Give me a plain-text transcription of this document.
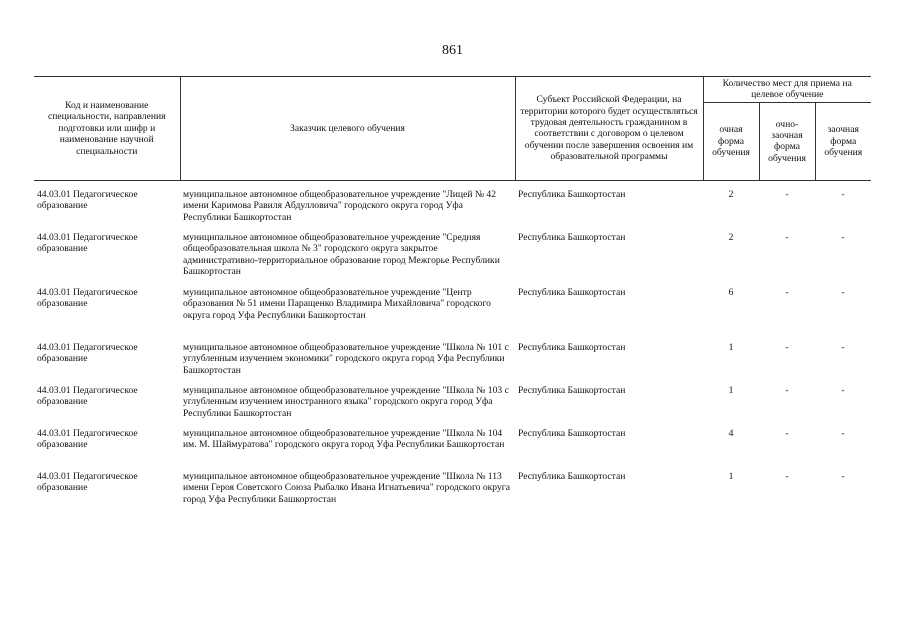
861
Код и наименование специальности, направления подготовки или шифр и наименование научной специальности	Заказчик целевого обучения	Субъект Российской Федерации, на территории которого будет осуществляться трудовая деятельность гражданином в соответствии с договором о целевом обучении после завершения освоения им образовательной программы	Количество мест для приема на целевое обучение		
			очная форма обучения	очно-заочная форма обучения	заочная форма обучения

44.03.01 Педагогическое образование	муниципальное автономное общеобразовательное учреждение "Лицей № 42 имени Каримова Равиля Абдулловича" городского округа город Уфа Республики Башкортостан	Республика Башкортостан	2	-	-
44.03.01 Педагогическое образование	муниципальное автономное общеобразовательное учреждение "Средняя общеобразовательная школа № 3" городского округа закрытое административно-территориальное образование город Межгорье Республики Башкортостан	Республика Башкортостан	2	-	-
44.03.01 Педагогическое образование	муниципальное автономное общеобразовательное учреждение "Центр образования № 51 имени Паращенко Владимира Михайловича" городского округа город Уфа Республики Башкортостан	Республика Башкортостан	6	-	-
44.03.01 Педагогическое образование	муниципальное автономное общеобразовательное учреждение "Школа № 101 с углубленным изучением экономики" городского округа город Уфа Республики Башкортостан	Республика Башкортостан	1	-	-
44.03.01 Педагогическое образование	муниципальное автономное общеобразовательное учреждение "Школа № 103 с углубленным изучением иностранного языка" городского округа город Уфа Республики Башкортостан	Республика Башкортостан	1	-	-
44.03.01 Педагогическое образование	муниципальное автономное общеобразовательное учреждение "Школа № 104 им. М. Шаймуратова" городского округа город Уфа Республики Башкортостан	Республика Башкортостан	4	-	-
44.03.01 Педагогическое образование	муниципальное автономное общеобразовательное учреждение "Школа № 113 имени Героя Советского Союза Рыбалко Ивана Игнатьевича" городского округа город Уфа Республики Башкортостан	Республика Башкортостан	1	-	-
